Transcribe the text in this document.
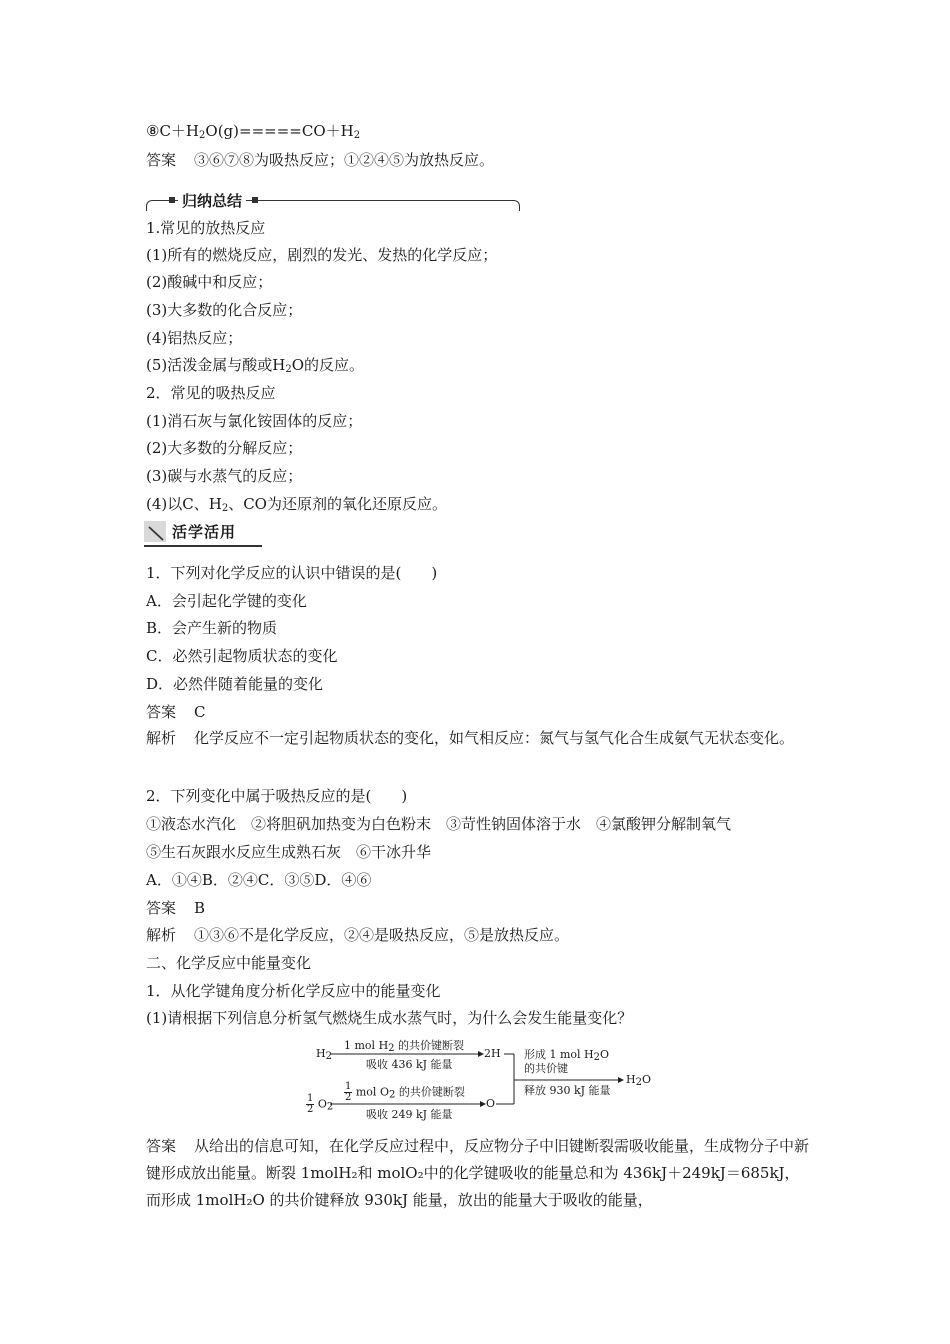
$⑧C+H_2O(g)=====CO+H_2$
答案 ③⑥⑦⑧为吸热反应；①②④⑤为放热反应。
归纳总结
1.常见的放热反应
(1)所有的燃烧反应，剧烈的发光、发热的化学反应；
(2)酸碱中和反应；
(3)大多数的化合反应；
(4)铝热反应；
(5)活泼金属与酸或$H_2O$的反应。
2．常见的吸热反应
(1)消石灰与氯化铵固体的反应；
(2)大多数的分解反应；
(3)碳与水蒸气的反应；
(4)以C、$H_2$、CO为还原剂的氧化还原反应。
活学活用
1．下列对化学反应的认识中错误的是(　　)
A．会引起化学键的变化
B．会产生新的物质
C．必然引起物质状态的变化
D．必然伴随着能量的变化
答案 C
解析 化学反应不一定引起物质状态的变化，如气相反应：氮气与氢气化合生成氨气无状态变化。
2．下列变化中属于吸热反应的是(　　)
①液态水汽化　②将胆矾加热变为白色粉末　③苛性钠固体溶于水　④氯酸钾分解制氧气
⑤生石灰跟水反应生成熟石灰　⑥干冰升华
A．①④B．②④C．③⑤D．④⑥
答案 B
解析 ①③⑥不是化学反应，②④是吸热反应，⑤是放热反应。
二、化学反应中能量变化
1．从化学键角度分析化学反应中的能量变化
(1)请根据下列信息分析氢气燃烧生成水蒸气时，为什么会发生能量变化？
$H_2$
1 mol $H_2$ 的共价键断裂
吸收 436 kJ 能量
2H
$\frac{1}{2} O_2$
$\frac{1}{2}$ mol $O_2$ 的共价键断裂
吸收 249 kJ 能量
O
形成 1 mol $H_2O$
的共价键
释放 930 kJ 能量
$H_2O$
答案 从给出的信息可知，在化学反应过程中，反应物分子中旧键断裂需吸收能量，生成物分子中新键形成放出能量。断裂 1molH₂和 molO₂中的化学键吸收的能量总和为 436kJ＋249kJ＝685kJ，而形成 1molH₂O 的共价键释放 930kJ 能量，放出的能量大于吸收的能量，
